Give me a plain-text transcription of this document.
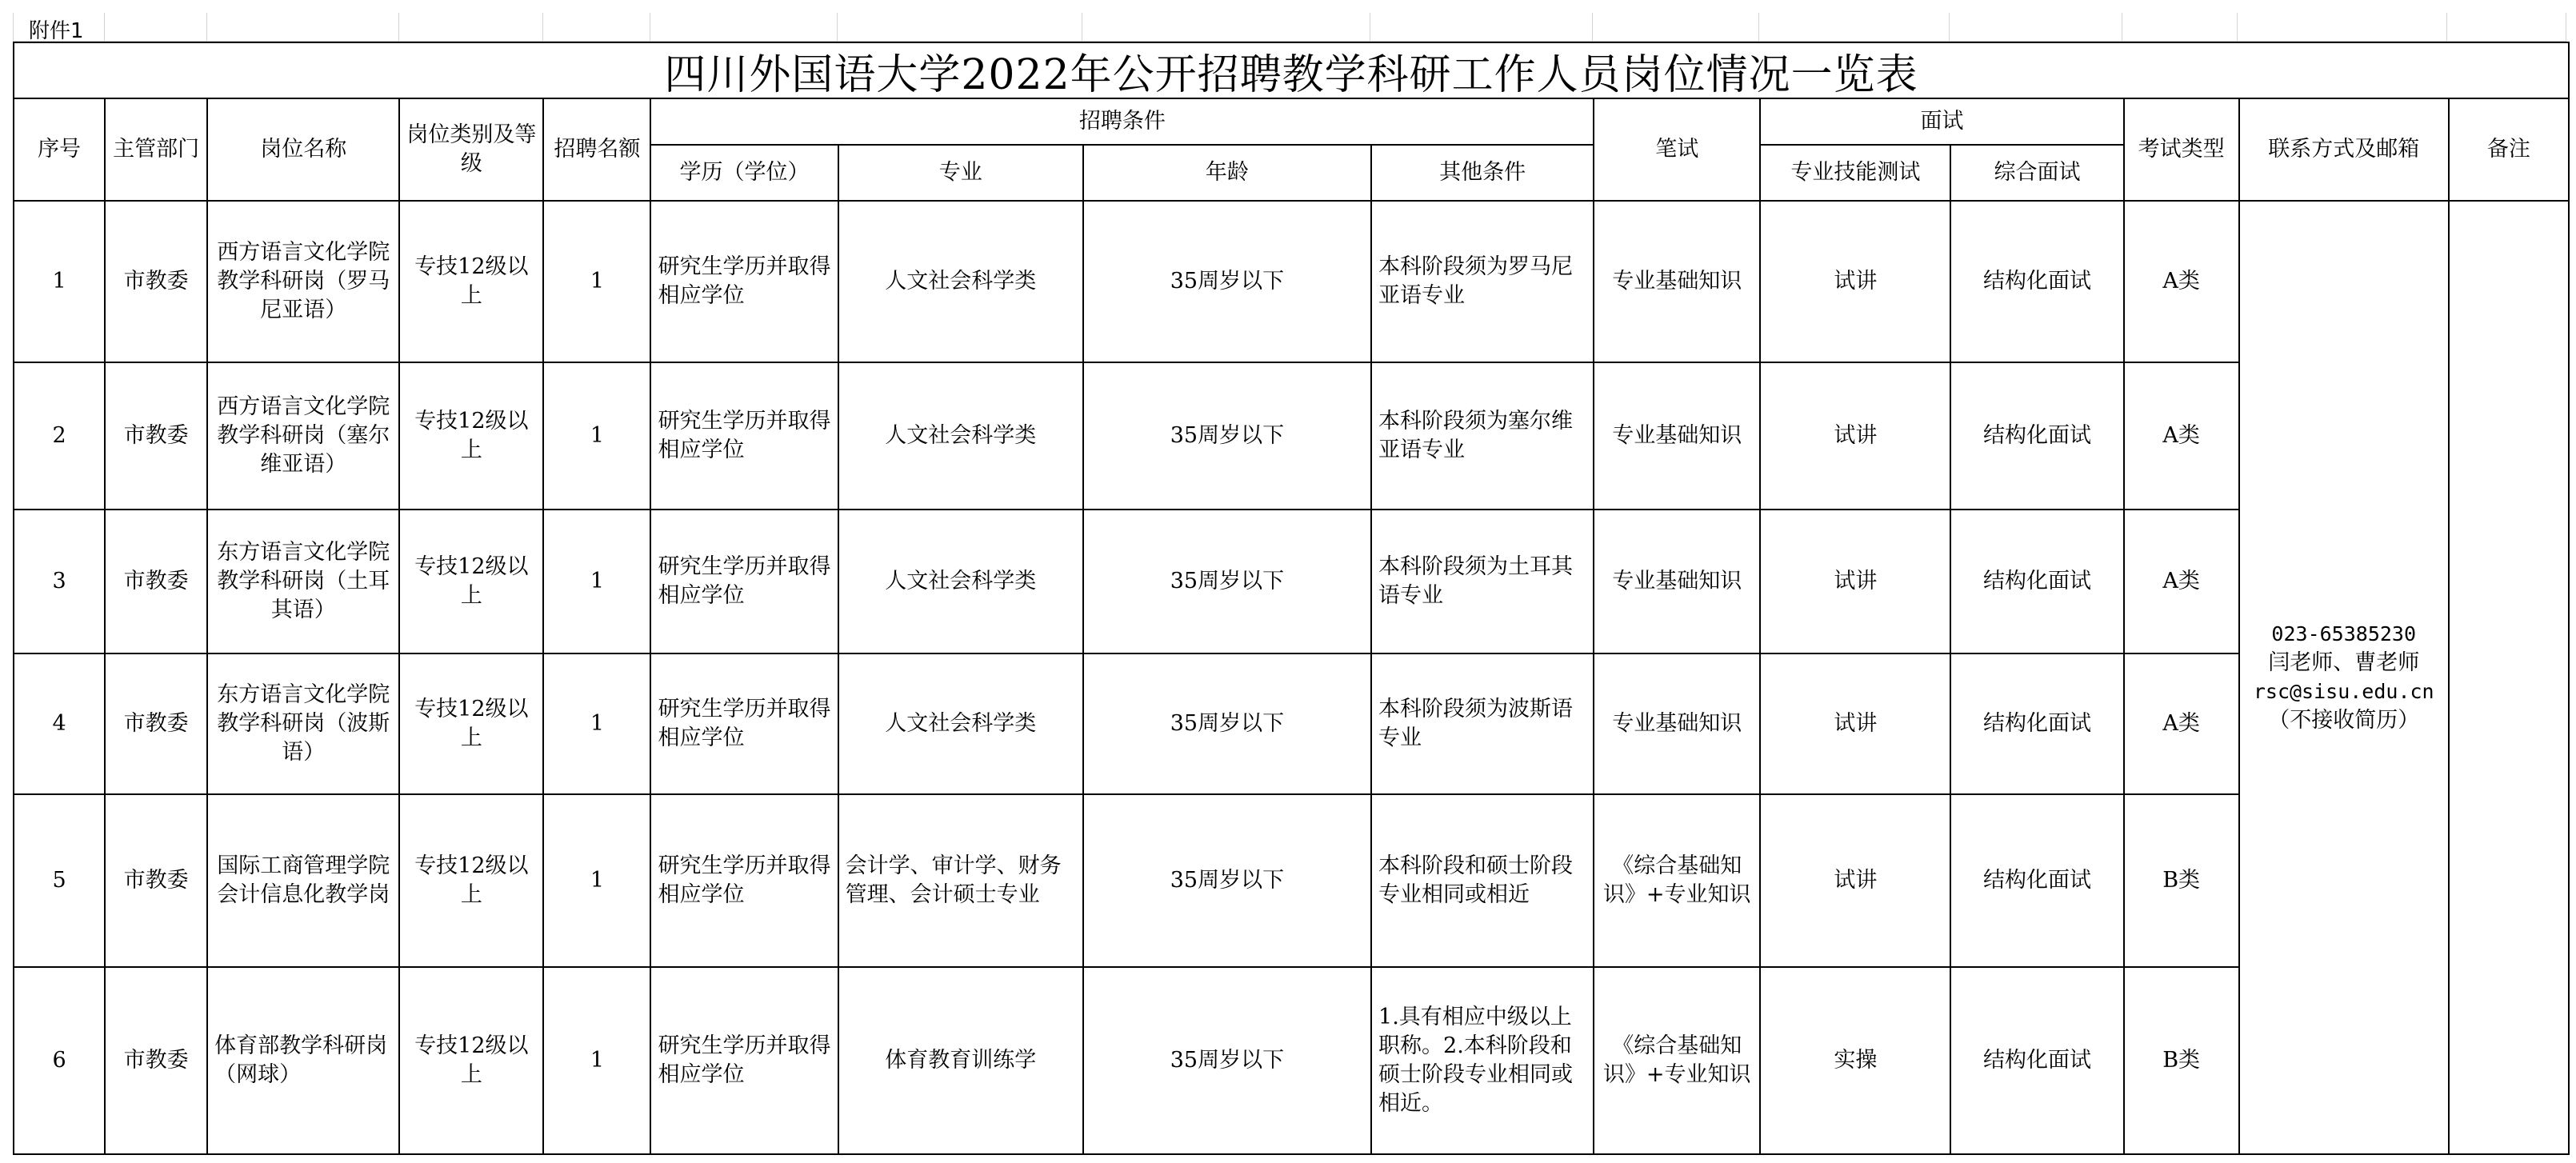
附件1
四川外国语大学2022年公开招聘教学科研工作人员岗位情况一览表
序号	主管部门	岗位名称	岗位类别及等级	招聘名额	招聘条件				笔试	面试		考试类型	联系方式及邮箱	备注
					学历（学位）	专业	年龄	其他条件		专业技能测试	综合面试			
1	市教委	西方语言文化学院教学科研岗（罗马尼亚语）	专技12级以上	1	研究生学历并取得相应学位	人文社会科学类	35周岁以下	本科阶段须为罗马尼亚语专业	专业基础知识	试讲	结构化面试	A类	023-65385230
闫老师、曹老师
rsc@sisu.edu.cn
（不接收简历）	

2	市教委	西方语言文化学院教学科研岗（塞尔维亚语）	专技12级以上	1	研究生学历并取得相应学位	人文社会科学类	35周岁以下	本科阶段须为塞尔维亚语专业	专业基础知识	试讲	结构化面试	A类		
3	市教委	东方语言文化学院教学科研岗（土耳其语）	专技12级以上	1	研究生学历并取得相应学位	人文社会科学类	35周岁以下	本科阶段须为土耳其语专业	专业基础知识	试讲	结构化面试	A类		
4	市教委	东方语言文化学院教学科研岗（波斯语）	专技12级以上	1	研究生学历并取得相应学位	人文社会科学类	35周岁以下	本科阶段须为波斯语专业	专业基础知识	试讲	结构化面试	A类		
5	市教委	国际工商管理学院会计信息化教学岗	专技12级以上	1	研究生学历并取得相应学位	会计学、审计学、财务管理、会计硕士专业	35周岁以下	本科阶段和硕士阶段专业相同或相近	《综合基础知识》+专业知识	试讲	结构化面试	B类		
6	市教委	体育部教学科研岗（网球）	专技12级以上	1	研究生学历并取得相应学位	体育教育训练学	35周岁以下	1.具有相应中级以上职称。2.本科阶段和硕士阶段专业相同或相近。	《综合基础知识》+专业知识	实操	结构化面试	B类		
